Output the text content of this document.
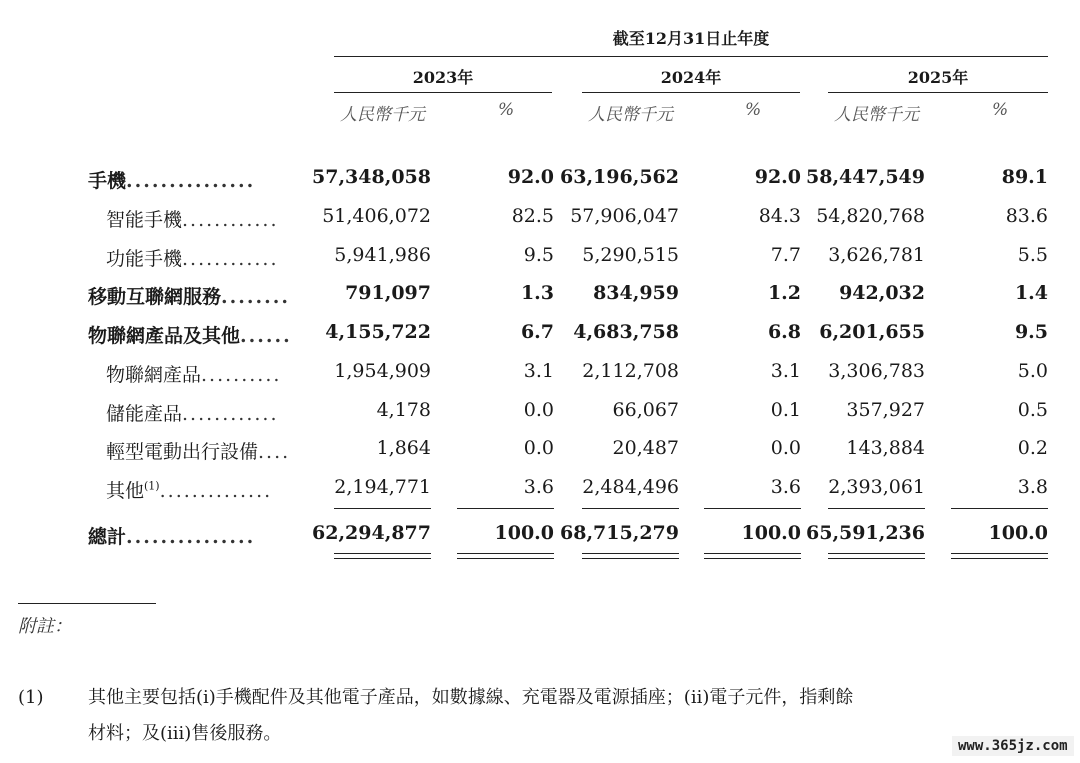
截至12月31日止年度
2023年	2024年	2025年
人民幣千元	%	人民幣千元	%	人民幣千元	%
手機...............	57,348,058	92.0 63,196,562	92.0 58,447,549	89.1
智能手機............	51,406,072	82.5 57,906,047	84.3 54,820,768	83.6
功能手機............	5,941,986	9.5	5,290,515	7.7	3,626,781	5.5
移動互聯網服務........	791,097	1.3	834,959	1.2	942,032	1.4
物聯網產品及其他......	4,155,722	6.7	4,683,758	6.8 6,201,655	9.5
物聯網產品..........	1,954,909	3.1	2,112,708	3.1	3,306,783	5.0
儲能產品............	4,178	0.0	66,067	0.1	357,927	0.5
輕型電動出行設備....	1,864	0.0	20,487	0.0	143,884	0.2
其他$^{(1)}$..............	2,194,771	3.6	2,484,496	3.6	2,393,061	3.8
總計...............	62,294,877	100.0 68,715,279	100.0 65,591,236	100.0
附註：
(1) 其他主要包括(i)手機配件及其他電子產品，如數據線、充電器及電源插座；(ii)電子元件，指剩餘
材料；及(iii)售後服務。
www.365jz.com
